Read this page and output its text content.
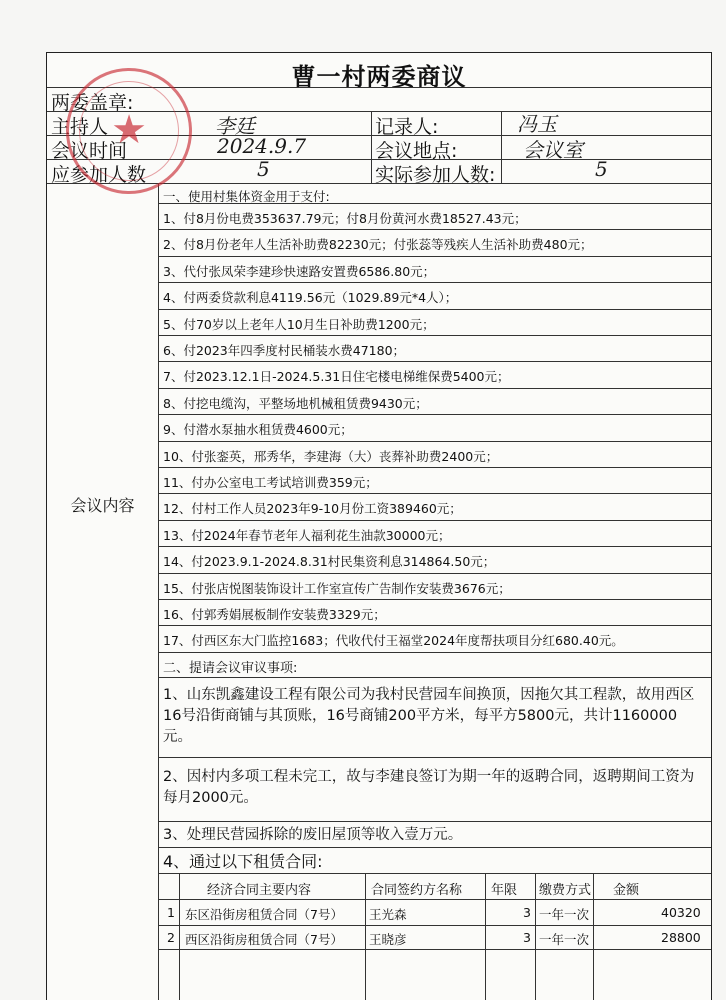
曹一村两委商议
两委盖章:
主持人	李廷	记录人:	冯玉
会议时间	2024.9.7	会议地点:	会议室
应参加人数	5	实际参加人数:	5
会议内容
一、使用村集体资金用于支付:
二、提请会议审议事项:
1、山东凯鑫建设工程有限公司为我村民营园车间换顶，因拖欠其工程款，故用西区16号沿街商铺与其顶账，16号商铺200平方米，每平方5800元，共计1160000元。
2、因村内多项工程未完工，故与李建良签订为期一年的返聘合同，返聘期间工资为每月2000元。
3、处理民营园拆除的废旧屋顶等收入壹万元。
4、通过以下租赁合同:
经济合同主要内容	合同签约方名称 年限 缴费方式 金额
1 东区沿街房租赁合同（7号） 王光森	3 一年一次	40320
2 西区沿街房租赁合同（7号） 王晓彦	3 一年一次	28800
1、付8月份电费353637.79元；付8月份黄河水费18527.43元；
2、付8月份老年人生活补助费82230元；付张蕊等残疾人生活补助费480元；
3、代付张凤荣李建珍快速路安置费6586.80元；
4、付两委贷款利息4119.56元（1029.89元*4人）；
5、付70岁以上老年人10月生日补助费1200元；
6、付2023年四季度村民桶装水费47180；
7、付2023.12.1日-2024.5.31日住宅楼电梯维保费5400元；
8、付挖电缆沟，平整场地机械租赁费9430元；
9、付潜水泵抽水租赁费4600元；
10、付张銮英，邢秀华，李建海（大）丧葬补助费2400元；
11、付办公室电工考试培训费359元；
12、付村工作人员2023年9-10月份工资389460元；
13、付2024年春节老年人福利花生油款30000元；
14、付2023.9.1-2024.8.31村民集资利息314864.50元；
15、付张店悦图装饰设计工作室宣传广告制作安装费3676元；
16、付郭秀娟展板制作安装费3329元；
17、付西区东大门监控1683；代收代付王福堂2024年度帮扶项目分红680.40元。
★
